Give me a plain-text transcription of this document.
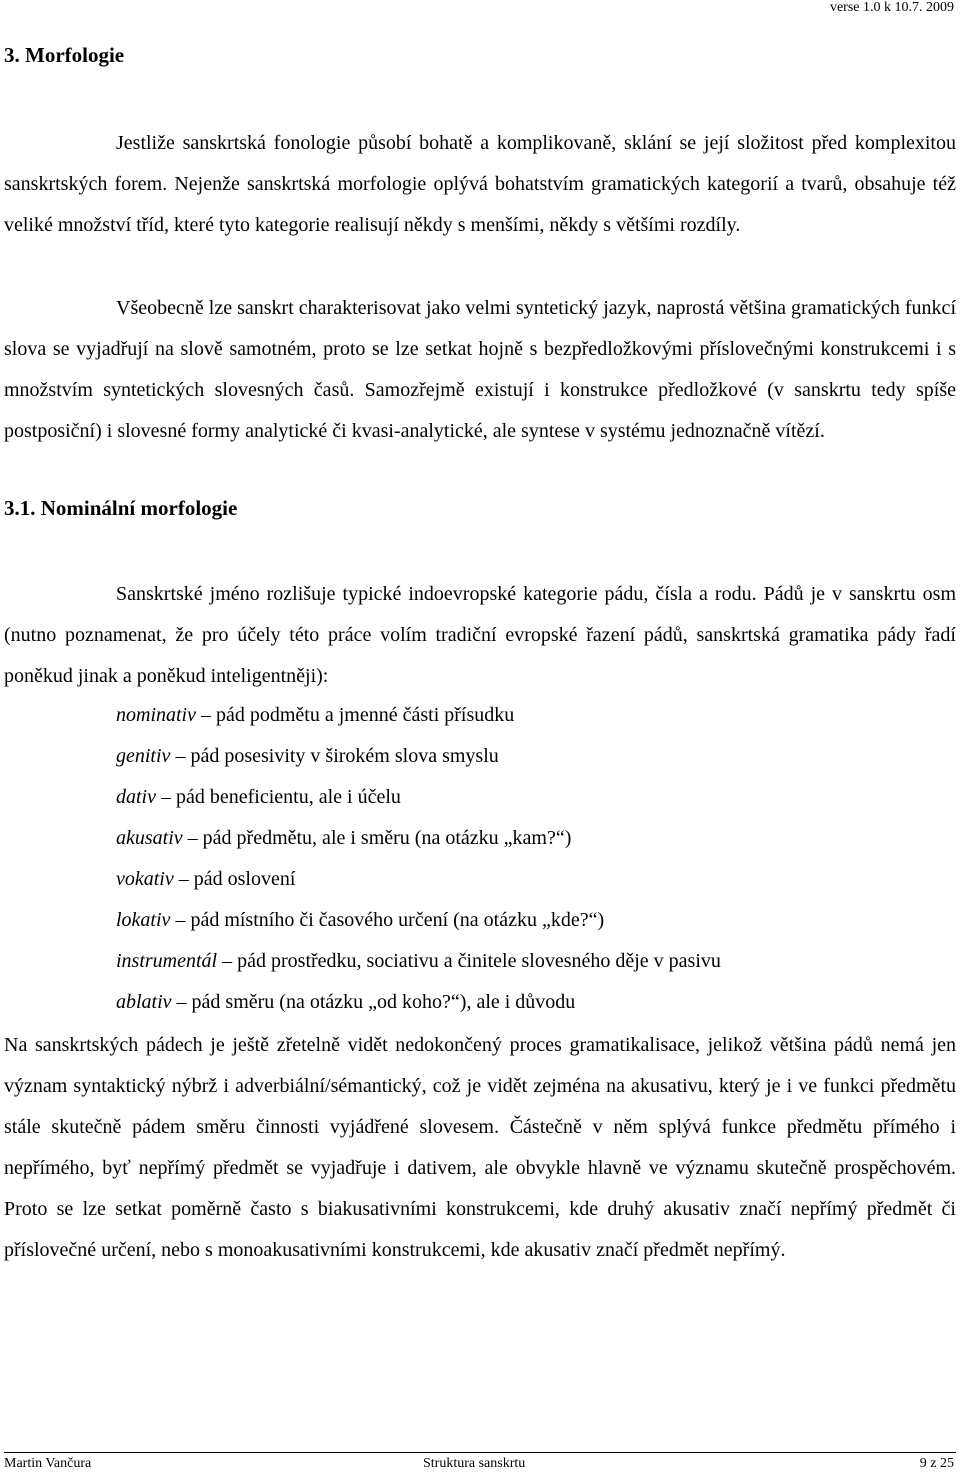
verse 1.0 k 10.7. 2009
3. Morfologie

Jestliže sanskrtská fonologie působí bohatě a komplikovaně, sklání se její složitost před komplexitou sanskrtských forem. Nejenže sanskrtská morfologie oplývá bohatstvím gramatických kategorií a tvarů, obsahuje též veliké množství tříd, které tyto kategorie realisují někdy s menšími, někdy s většími rozdíly.

Všeobecně lze sanskrt charakterisovat jako velmi syntetický jazyk, naprostá většina gramatických funkcí slova se vyjadřují na slově samotném, proto se lze setkat hojně s bezpředložkovými příslovečnými konstrukcemi i s množstvím syntetických slovesných časů. Samozřejmě existují i konstrukce předložkové (v sanskrtu tedy spíše postposiční) i slovesné formy analytické či kvasi-analytické, ale syntese v systému jednoznačně vítězí.

3.1. Nominální morfologie

Sanskrtské jméno rozlišuje typické indoevropské kategorie pádu, čísla a rodu. Pádů je v sanskrtu osm (nutno poznamenat, že pro účely této práce volím tradiční evropské řazení pádů, sanskrtská gramatika pády řadí poněkud jinak a poněkud inteligentněji):

nominativ – pád podmětu a jmenné části přísudku
genitiv – pád posesivity v širokém slova smyslu
dativ – pád beneficientu, ale i účelu
akusativ – pád předmětu, ale i směru (na otázku „kam?“)
vokativ – pád oslovení
lokativ – pád místního či časového určení (na otázku „kde?“)
instrumentál – pád prostředku, sociativu a činitele slovesného děje v pasivu
ablativ – pád směru (na otázku „od koho?“), ale i důvodu

Na sanskrtských pádech je ještě zřetelně vidět nedokončený proces gramatikalisace, jelikož většina pádů nemá jen význam syntaktický nýbrž i adverbiální/sémantický, což je vidět zejména na akusativu, který je i ve funkci předmětu stále skutečně pádem směru činnosti vyjádřené slovesem. Částečně v něm splývá funkce předmětu přímého i nepřímého, byť nepřímý předmět se vyjadřuje i dativem, ale obvykle hlavně ve významu skutečně prospěchovém. Proto se lze setkat poměrně často s biakusativními konstrukcemi, kde druhý akusativ značí nepřímý předmět či příslovečné určení, nebo s monoakusativními konstrukcemi, kde akusativ značí předmět nepřímý.

Martin Vančura	Struktura sanskrtu	9 z 25
